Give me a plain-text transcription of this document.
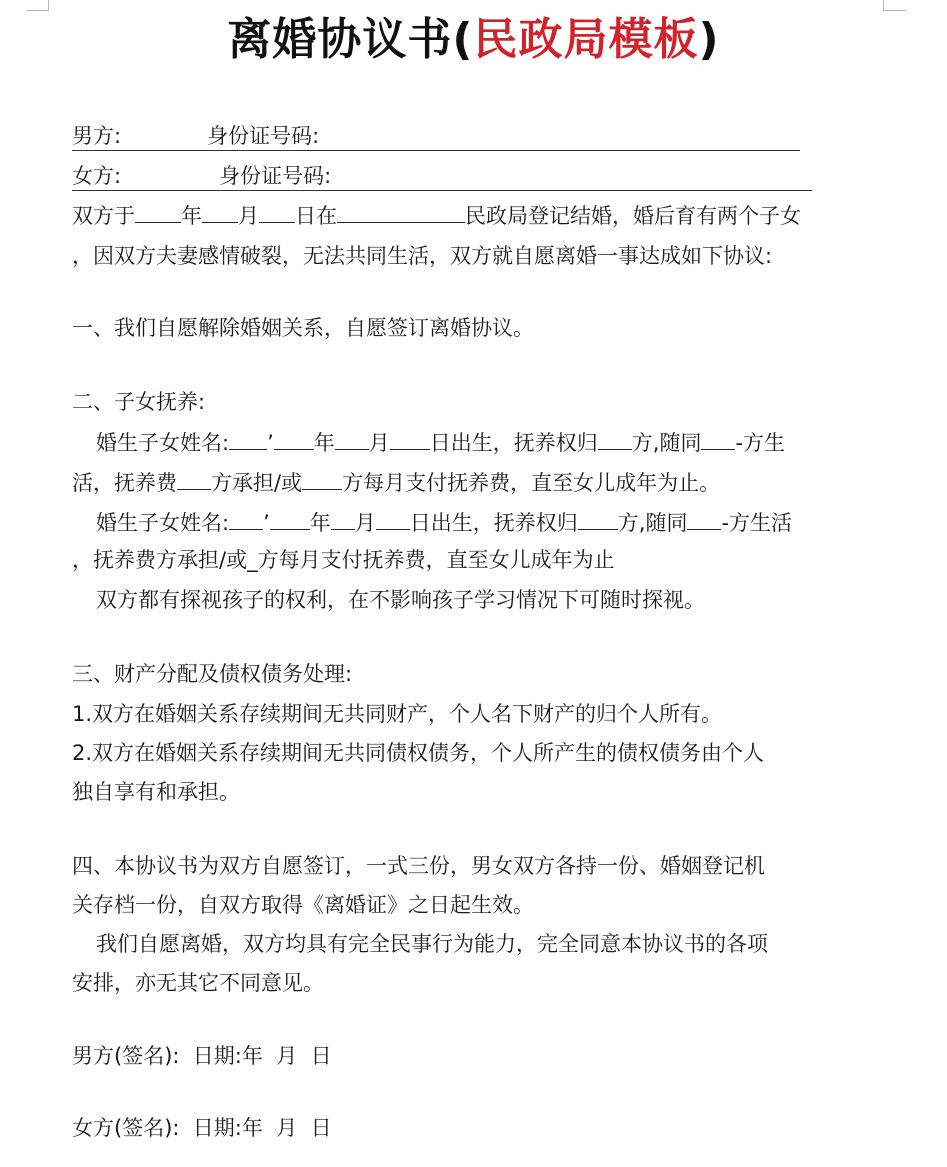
离婚协议书(民政局模板)
男方:	身份证号码:
女方:	身份证号码:
双方于 年 月 日在	民政局登记结婚，婚后育有两个子女
，因双方夫妻感情破裂，无法共同生活，双方就自愿离婚一事达成如下协议:
一、我们自愿解除婚姻关系，自愿签订离婚协议。
二、子女抚养:
婚生子女姓名: ’ 年 月 日出生，抚养权归 方,随同 -方生
活，抚养费 方承担/或 方每月支付抚养费，直至女儿成年为止。
婚生子女姓名: ’ 年 月 日出生，抚养权归 方,随同 -方生活
，抚养费方承担/或_方每月支付抚养费，直至女儿成年为止
双方都有探视孩子的权利，在不影响孩子学习情况下可随时探视。
三、财产分配及债权债务处理:
1.双方在婚姻关系存续期间无共同财产，个人名下财产的归个人所有。
2.双方在婚姻关系存续期间无共同债权债务，个人所产生的债权债务由个人
独自享有和承担。
四、本协议书为双方自愿签订，一式三份，男女双方各持一份、婚姻登记机
关存档一份，自双方取得《离婚证》之日起生效。
我们自愿离婚，双方均具有完全民事行为能力，完全同意本协议书的各项
安排，亦无其它不同意见。
男方(签名):  日期:年  月  日
女方(签名):  日期:年  月  日
